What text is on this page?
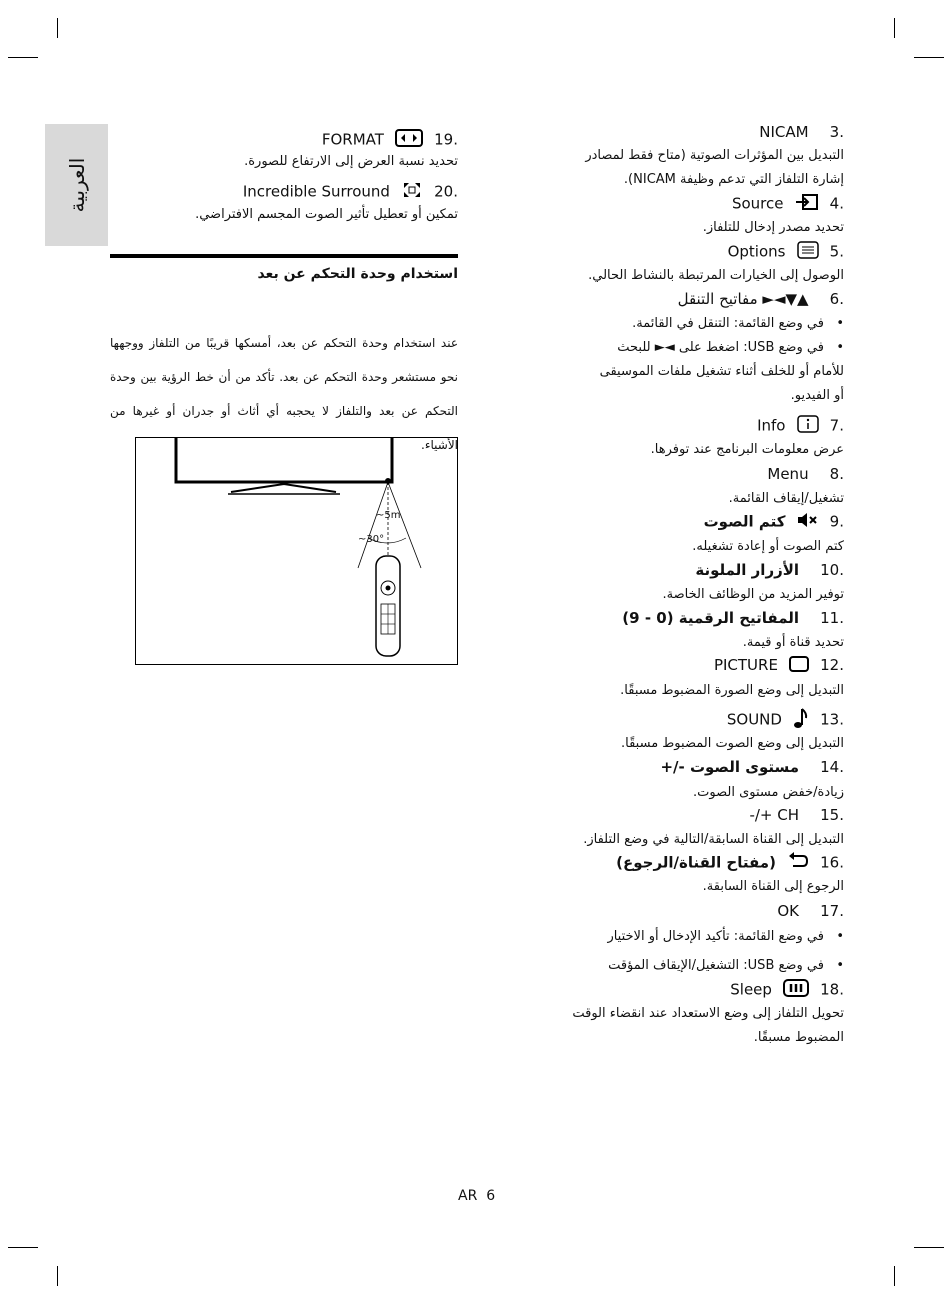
العربية
.19  FORMAT
تحديد نسبة العرض إلى الارتفاع للصورة.
.20  Incredible Surround
تمكين أو تعطيل تأثير الصوت المجسم الافتراضي.
استخدام وحدة التحكم عن بعد
عند استخدام وحدة التحكم عن بعد، أمسكها قريبًا من التلفاز ووجهها نحو مستشعر وحدة التحكم عن بعد. تأكد من أن خط الرؤية بين وحدة التحكم عن بعد والتلفاز لا يحجبه أي أثاث أو جدران أو غيرها من الأشياء.
~5m
~30°
.3 NICAM
التبديل بين المؤثرات الصوتية (متاح فقط لمصادر
إشارة التلفاز التي تدعم وظيفة NICAM).
.4  Source
تحديد مصدر إدخال للتلفاز.
.5  Options
الوصول إلى الخيارات المرتبطة بالنشاط الحالي.
.6 ▲▼◄► مفاتيح التنقل
•   في وضع القائمة: التنقل في القائمة.
•   في وضع USB: اضغط على ◄► للبحث
للأمام أو للخلف أثناء تشغيل ملفات الموسيقى
أو الفيديو.
.7  Info
عرض معلومات البرنامج عند توفرها.
.8 Menu
تشغيل/إيقاف القائمة.
.9  كتم الصوت
كتم الصوت أو إعادة تشغيله.
.10 الأزرار الملونة
توفير المزيد من الوظائف الخاصة.
.11 المفاتيح الرقمية (0 - 9)
تحديد قناة أو قيمة.
.12  PICTURE
التبديل إلى وضع الصورة المضبوط مسبقًا.
.13  SOUND
التبديل إلى وضع الصوت المضبوط مسبقًا.
.14 مستوى الصوت -/+
زيادة/خفض مستوى الصوت.
.15 CH +/-
التبديل إلى القناة السابقة/التالية في وضع التلفاز.
.16  (مفتاح القناة/الرجوع)
الرجوع إلى القناة السابقة.
.17 OK
•   في وضع القائمة: تأكيد الإدخال أو الاختيار
•   في وضع USB: التشغيل/الإيقاف المؤقت
.18  Sleep
تحويل التلفاز إلى وضع الاستعداد عند انقضاء الوقت
المضبوط مسبقًا.
AR  6
